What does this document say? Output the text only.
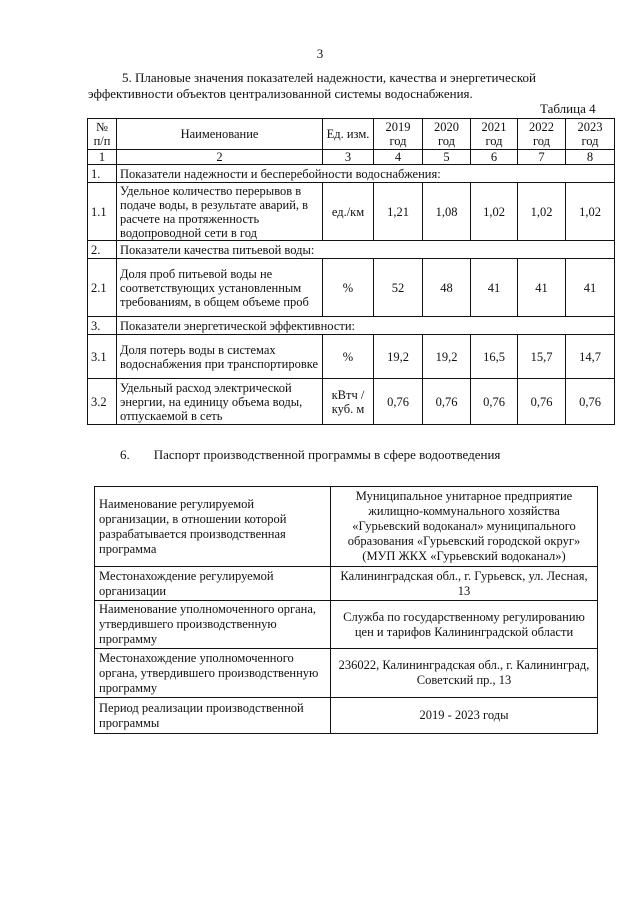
3
5. Плановые значения показателей надежности, качества и энергетической
эффективности объектов централизованной системы водоснабжения.
Таблица 4
№ п/п	Наименование	Ед. изм.	2019 год	2020 год	2021 год	2022 год	2023 год
1	2	3	4	5	6	7	8
1.	Показатели надежности и бесперебойности водоснабжения:						
1.1	Удельное количество перерывов в подаче воды, в результате аварий, в расчете на протяженность водопроводной сети в год	ед./км	1,21	1,08	1,02	1,02	1,02
2.	Показатели качества питьевой воды:						
2.1	Доля проб питьевой воды не соответствующих установленным требованиям, в общем объеме проб	%	52	48	41	41	41
3.	Показатели энергетической эффективности:						
3.1	Доля потерь воды в системах водоснабжения при транспортировке	%	19,2	19,2	16,5	15,7	14,7
3.2	Удельный расход электрической энергии, на единицу объема воды, отпускаемой в сеть	кВтч /куб. м	0,76	0,76	0,76	0,76	0,76
6. Паспорт производственной программы в сфере водоотведения
Наименование регулируемой организации, в отношении которой разрабатывается производственная программа	Муниципальное унитарное предприятие жилищно-коммунального хозяйства «Гурьевский водоканал» муниципального образования «Гурьевский городской округ» (МУП ЖКХ «Гурьевский водоканал»)
Местонахождение регулируемой организации	Калининградская обл., г. Гурьевск, ул. Лесная, 13
Наименование уполномоченного органа, утвердившего производственную программу	Служба по государственному регулированию цен и тарифов Калининградской области
Местонахождение уполномоченного органа, утвердившего производственную программу	236022, Калининградская обл., г. Калининград, Советский пр., 13
Период реализации производственной программы	2019 - 2023 годы
